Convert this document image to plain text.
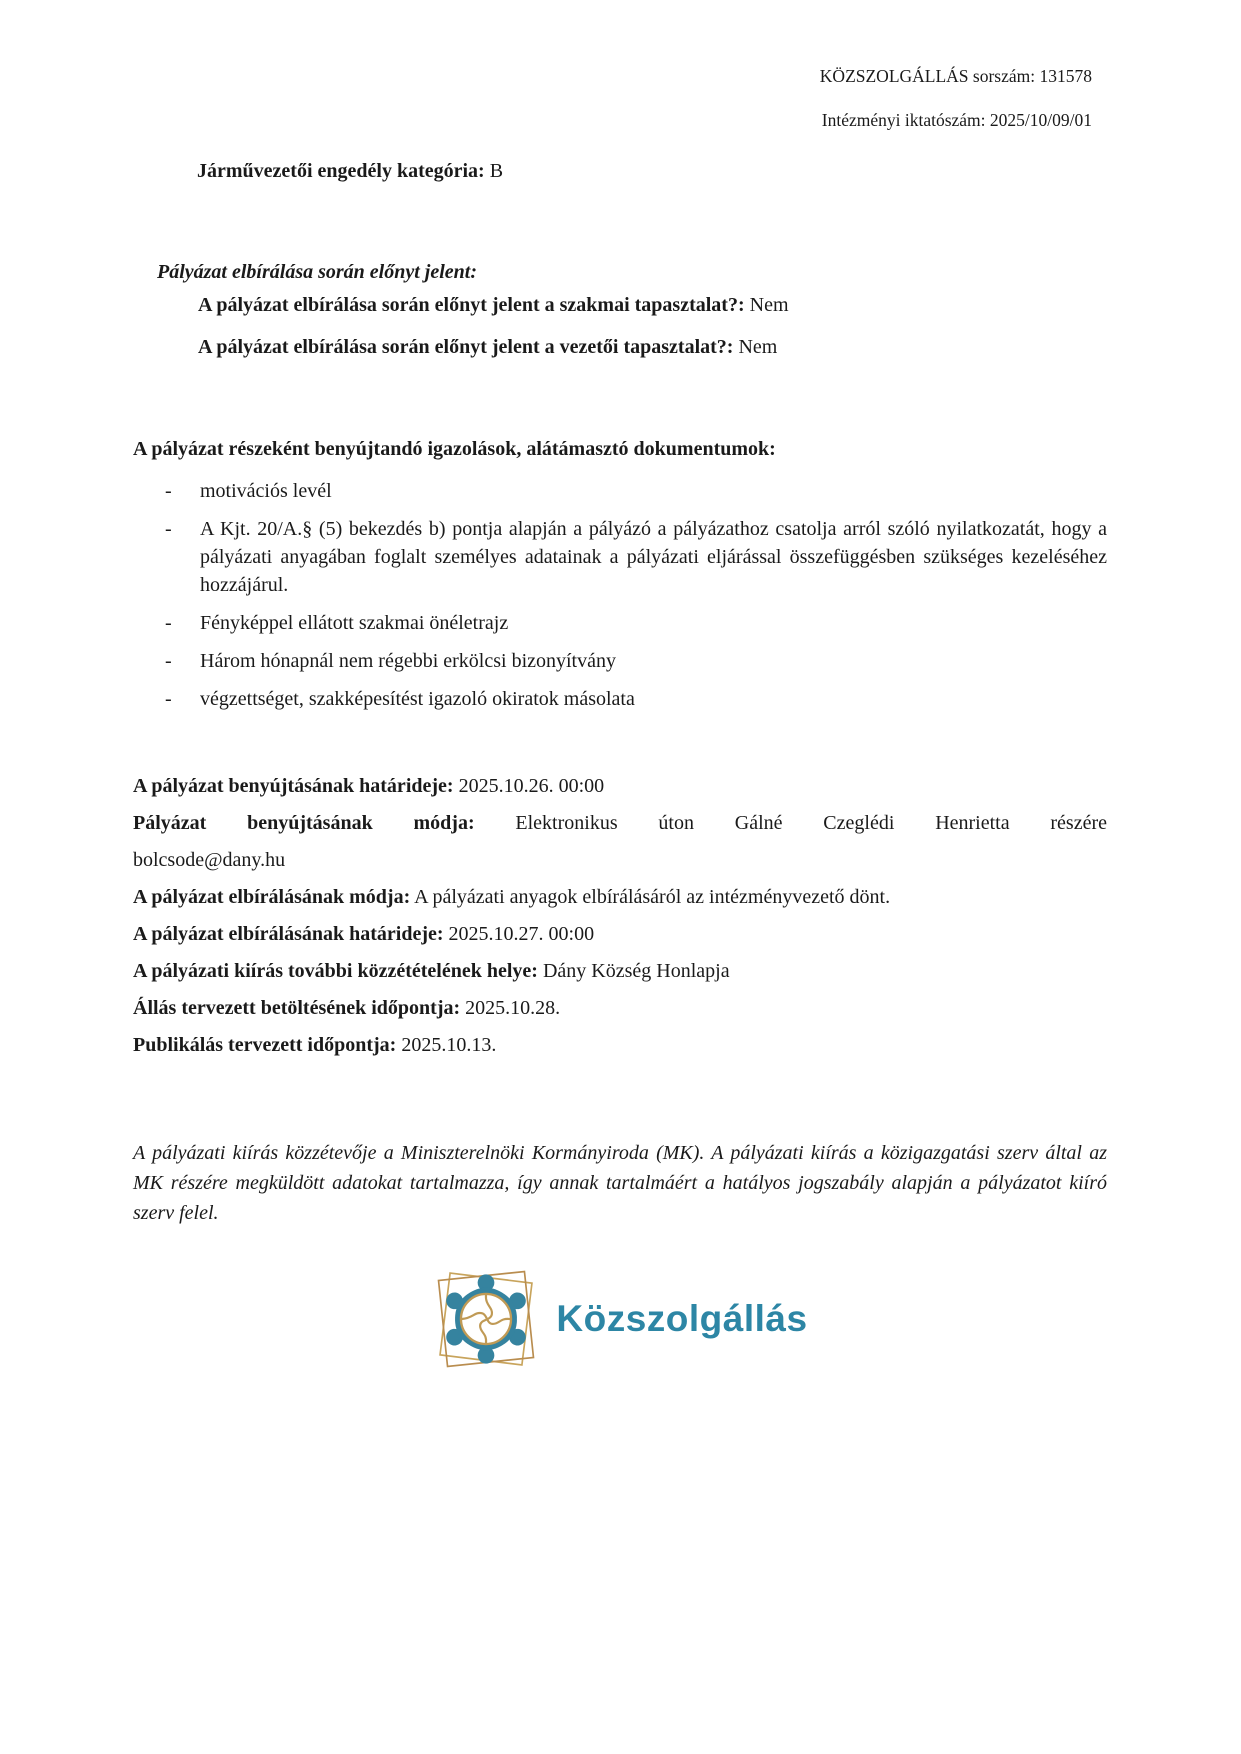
KÖZSZOLGÁLLÁS sorszám: 131578

Intézményi iktatószám: 2025/10/09/01

Járművezetői engedély kategória: B

Pályázat elbírálása során előnyt jelent:

A pályázat elbírálása során előnyt jelent a szakmai tapasztalat?: Nem

A pályázat elbírálása során előnyt jelent a vezetői tapasztalat?: Nem

A pályázat részeként benyújtandó igazolások, alátámasztó dokumentumok:

-	motivációs levél
-	A Kjt. 20/A.§ (5) bekezdés b) pontja alapján a pályázó a pályázathoz csatolja arról szóló nyilatkozatát, hogy a pályázati anyagában foglalt személyes adatainak a pályázati eljárással összefüggésben szükséges kezeléséhez hozzájárul.
-	Fényképpel ellátott szakmai önéletrajz
-	Három hónapnál nem régebbi erkölcsi bizonyítvány
-	végzettséget, szakképesítést igazoló okiratok másolata

A pályázat benyújtásának határideje: 2025.10.26. 00:00

Pályázat benyújtásának módja: Elektronikus úton Gálné Czeglédi Henrietta részére
bolcsode@dany.hu

A pályázat elbírálásának módja: A pályázati anyagok elbírálásáról az intézményvezető dönt.

A pályázat elbírálásának határideje: 2025.10.27. 00:00

A pályázati kiírás további közzétételének helye: Dány Község Honlapja

Állás tervezett betöltésének időpontja: 2025.10.28.

Publikálás tervezett időpontja: 2025.10.13.

A pályázati kiírás közzétevője a Miniszterelnöki Kormányiroda (MK). A pályázati kiírás a közigazgatási szerv által az MK részére megküldött adatokat tartalmazza, így annak tartalmáért a hatályos jogszabály alapján a pályázatot kiíró szerv felel.

Közszolgállás
